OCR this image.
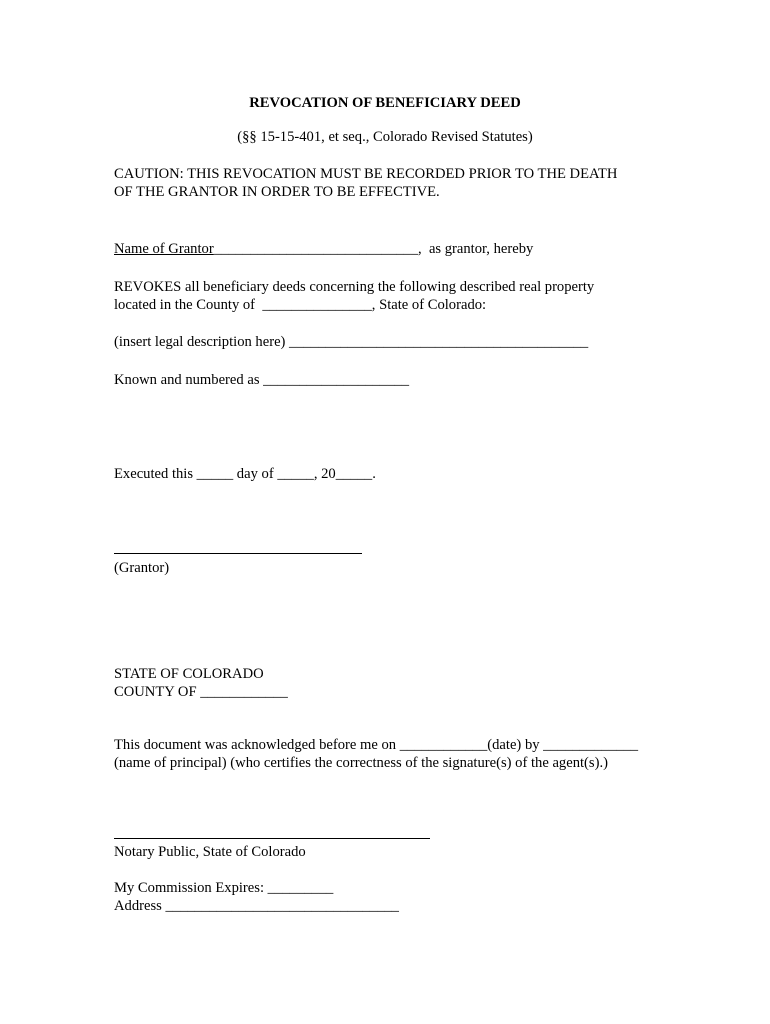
REVOCATION OF BENEFICIARY DEED
(§§ 15-15-401, et seq., Colorado Revised Statutes)
CAUTION: THIS REVOCATION MUST BE RECORDED PRIOR TO THE DEATH
OF THE GRANTOR IN ORDER TO BE EFFECTIVE.
Name of Grantor____________________________,  as grantor, hereby
REVOKES all beneficiary deeds concerning the following described real property
located in the County of  _______________, State of Colorado:
(insert legal description here) _________________________________________
Known and numbered as ____________________
Executed this _____ day of _____, 20_____.
(Grantor)
STATE OF COLORADO
COUNTY OF ____________
This document was acknowledged before me on ____________(date) by _____________
(name of principal) (who certifies the correctness of the signature(s) of the agent(s).)
Notary Public, State of Colorado
My Commission Expires: _________
Address ________________________________
